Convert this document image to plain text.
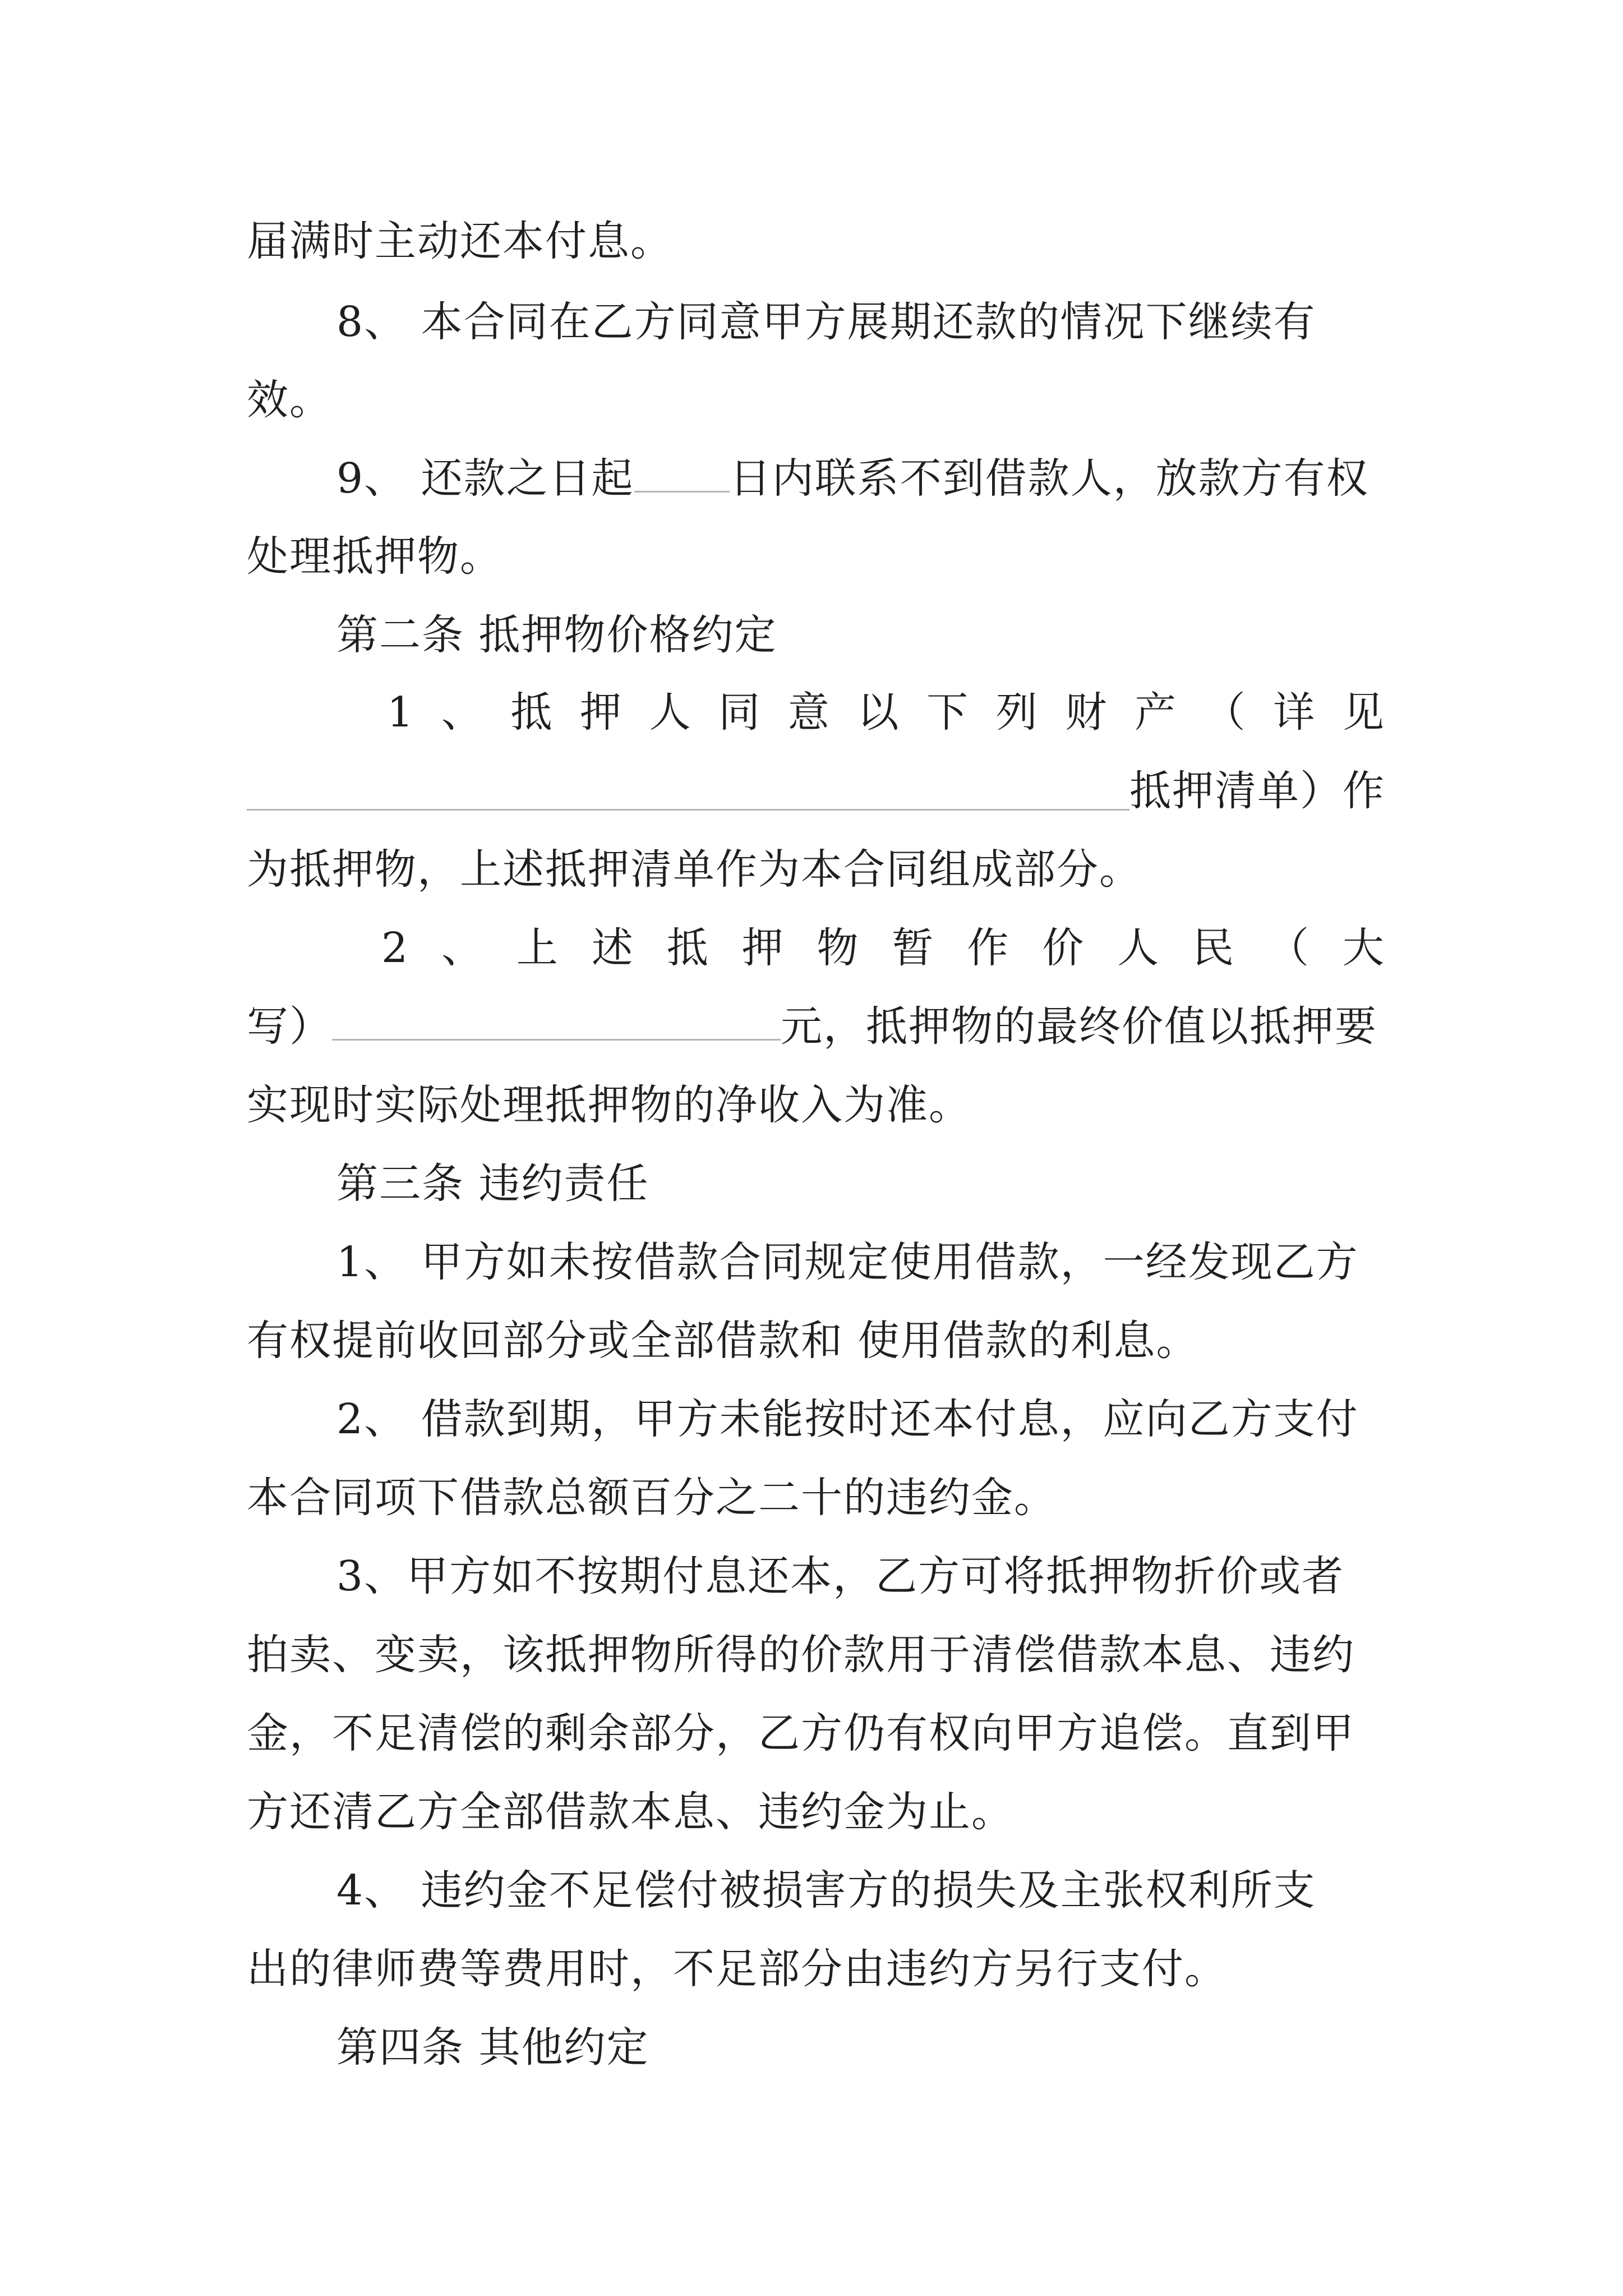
届满时主动还本付息。
8、 本合同在乙方同意甲方展期还款的情况下继续有
效。
9、 还款之日起 日内联系不到借款人，放款方有权
处理抵押物。
第二条 抵押物价格约定
1 、 抵 押 人 同 意 以 下 列 财 产 （ 详 见
抵押清单）作
为抵押物，上述抵押清单作为本合同组成部分。
2 、 上 述 抵 押 物 暂 作 价 人 民 （ 大
写）	元，抵押物的最终价值以抵押要
实现时实际处理抵押物的净收入为准。
第三条 违约责任
1、 甲方如未按借款合同规定使用借款，一经发现乙方
有权提前收回部分或全部借款和 使用借款的利息。
2、 借款到期，甲方未能按时还本付息，应向乙方支付
本合同项下借款总额百分之二十的违约金。
3、甲方如不按期付息还本，乙方可将抵押物折价或者
拍卖、变卖，该抵押物所得的价款用于清偿借款本息、违约
金，不足清偿的剩余部分，乙方仍有权向甲方追偿。直到甲
方还清乙方全部借款本息、违约金为止。
4、 违约金不足偿付被损害方的损失及主张权利所支
出的律师费等费用时，不足部分由违约方另行支付。
第四条 其他约定
